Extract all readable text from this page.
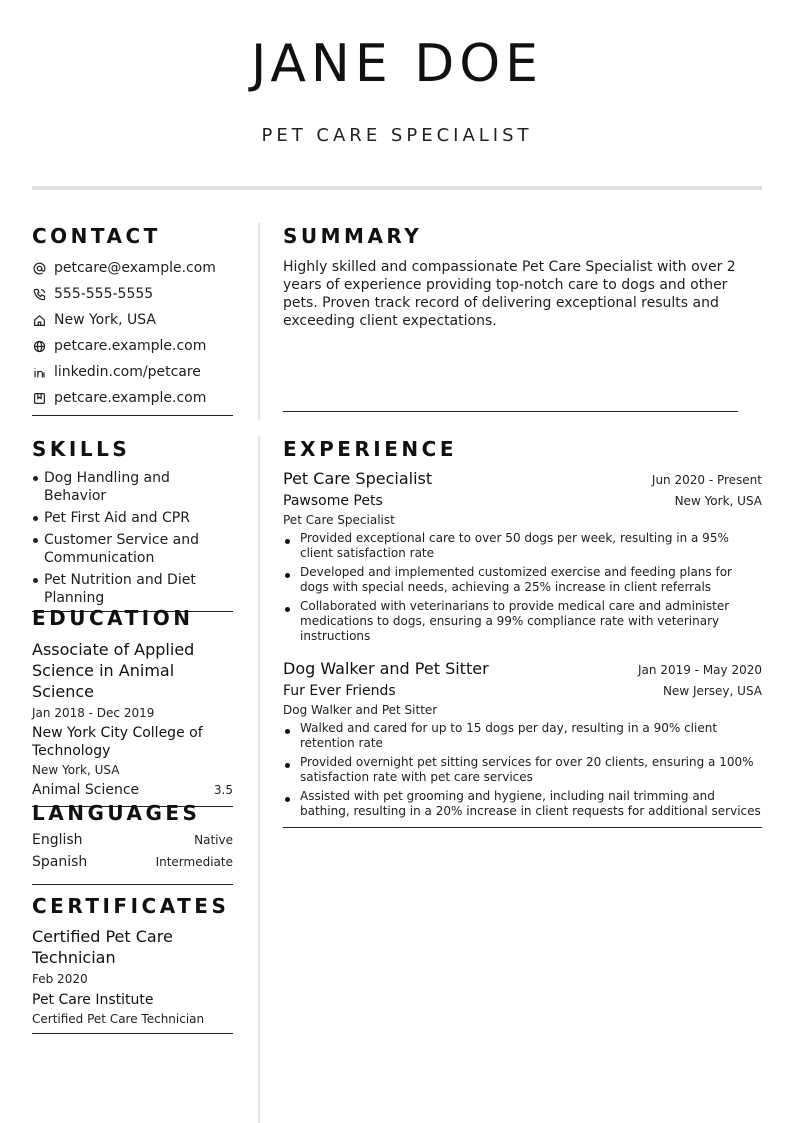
JANE DOE
PET CARE SPECIALIST
CONTACT
petcare@example.com
555-555-5555
New York, USA
petcare.example.com
linkedin.com/petcare
petcare.example.com
SUMMARY
Highly skilled and compassionate Pet Care Specialist with over 2 years of experience providing top-notch care to dogs and other pets. Proven track record of delivering exceptional results and exceeding client expectations.
SKILLS
Dog Handling and Behavior
Pet First Aid and CPR
Customer Service and Communication
Pet Nutrition and Diet Planning
EDUCATION
Associate of Applied Science in Animal Science
Jan 2018 - Dec 2019
New York City College of Technology
New York, USA
Animal Science	3.5
LANGUAGES
English	Native
Spanish	Intermediate
CERTIFICATES
Certified Pet Care Technician
Feb 2020
Pet Care Institute
Certified Pet Care Technician
EXPERIENCE
Pet Care Specialist	Jun 2020 - Present
Pawsome Pets	New York, USA
Pet Care Specialist
Provided exceptional care to over 50 dogs per week, resulting in a 95% client satisfaction rate
Developed and implemented customized exercise and feeding plans for dogs with special needs, achieving a 25% increase in client referrals
Collaborated with veterinarians to provide medical care and administer medications to dogs, ensuring a 99% compliance rate with veterinary instructions
Dog Walker and Pet Sitter	Jan 2019 - May 2020
Fur Ever Friends	New Jersey, USA
Dog Walker and Pet Sitter
Walked and cared for up to 15 dogs per day, resulting in a 90% client retention rate
Provided overnight pet sitting services for over 20 clients, ensuring a 100% satisfaction rate with pet care services
Assisted with pet grooming and hygiene, including nail trimming and bathing, resulting in a 20% increase in client requests for additional services
